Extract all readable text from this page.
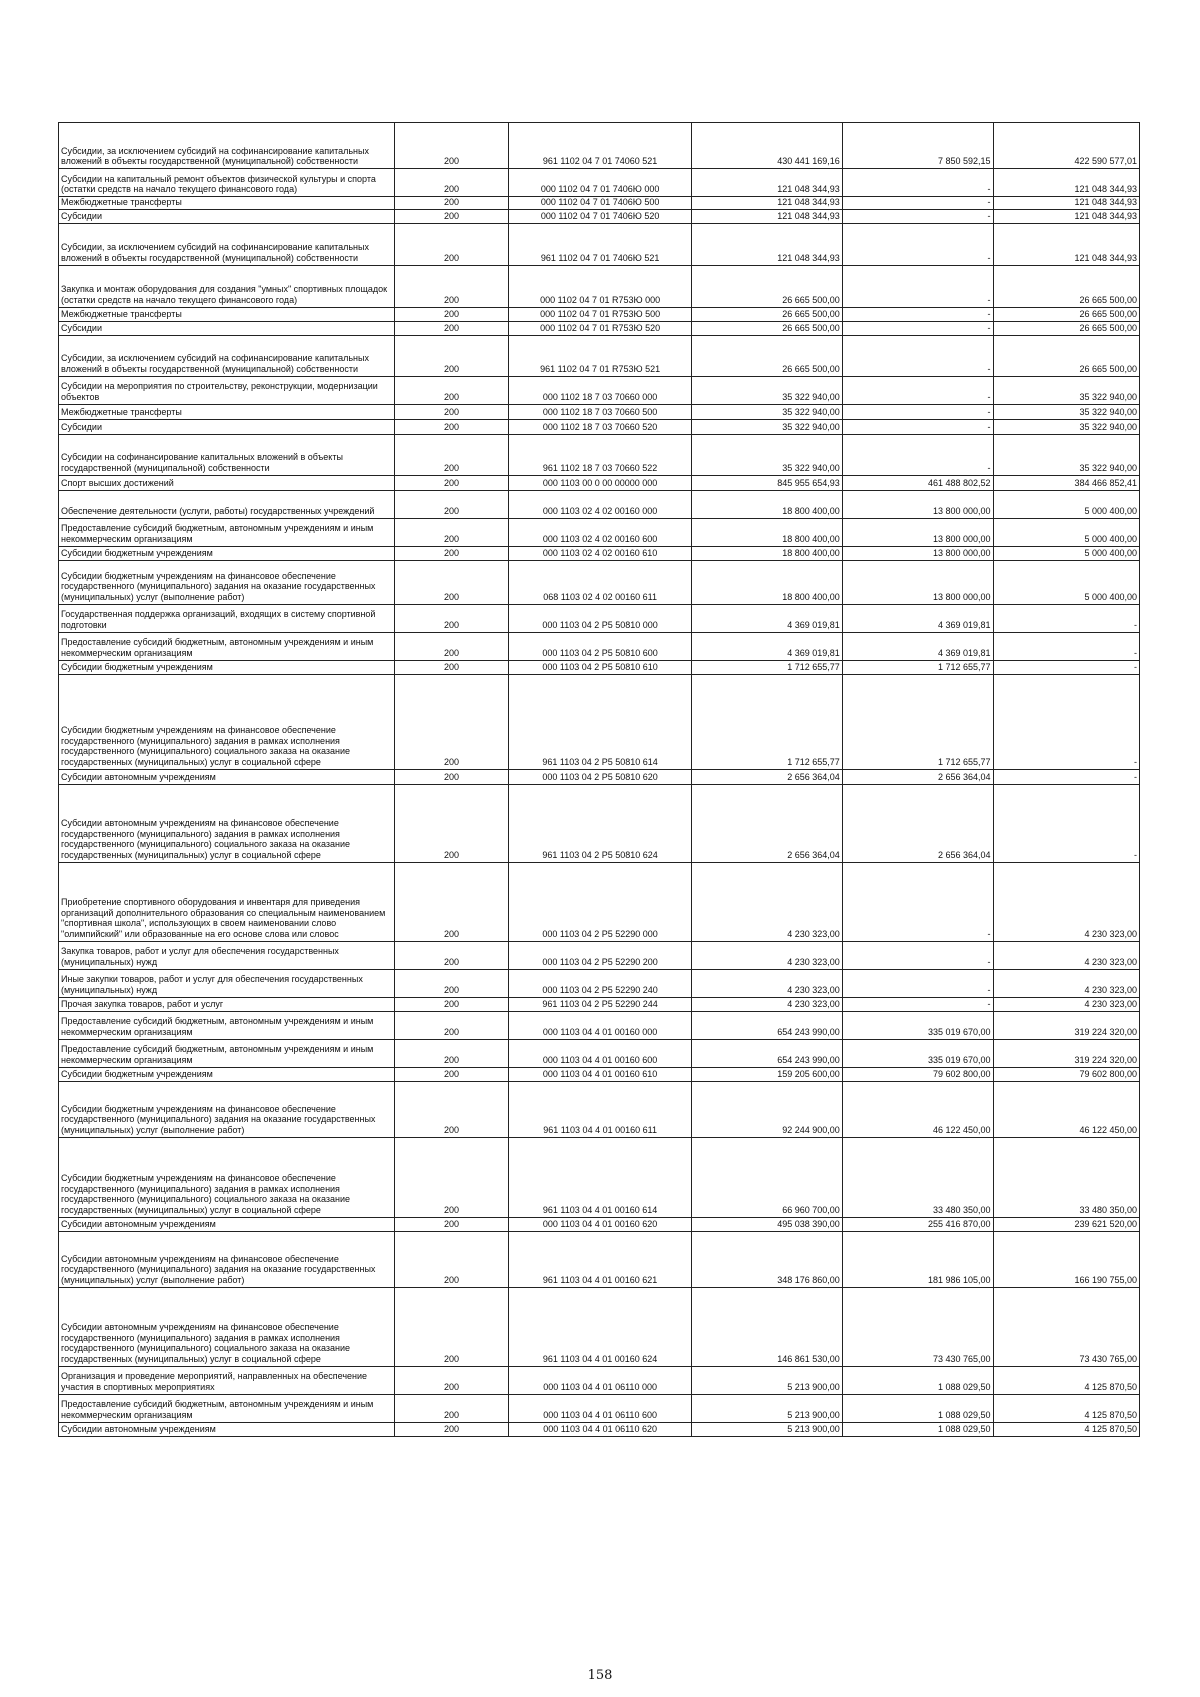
Субсидии, за исключением субсидий на софинансирование капитальных вложений в объекты государственной (муниципальной) собственности	200	961 1102 04 7 01 74060 521	430 441 169,16	7 850 592,15	422 590 577,01
Субсидии на капитальный ремонт объектов физической культуры и спорта (остатки средств на начало текущего финансового года)	200	000 1102 04 7 01 7406Ю 000	121 048 344,93	-	121 048 344,93
Межбюджетные трансферты	200	000 1102 04 7 01 7406Ю 500	121 048 344,93	-	121 048 344,93
Субсидии	200	000 1102 04 7 01 7406Ю 520	121 048 344,93	-	121 048 344,93
Субсидии, за исключением субсидий на софинансирование капитальных вложений в объекты государственной (муниципальной) собственности	200	961 1102 04 7 01 7406Ю 521	121 048 344,93	-	121 048 344,93
Закупка и монтаж оборудования для создания "умных" спортивных площадок (остатки средств на начало текущего финансового года)	200	000 1102 04 7 01 R753Ю 000	26 665 500,00	-	26 665 500,00
Межбюджетные трансферты	200	000 1102 04 7 01 R753Ю 500	26 665 500,00	-	26 665 500,00
Субсидии	200	000 1102 04 7 01 R753Ю 520	26 665 500,00	-	26 665 500,00
Субсидии, за исключением субсидий на софинансирование капитальных вложений в объекты государственной (муниципальной) собственности	200	961 1102 04 7 01 R753Ю 521	26 665 500,00	-	26 665 500,00
Субсидии на мероприятия по строительству, реконструкции, модернизации объектов	200	000 1102 18 7 03 70660 000	35 322 940,00	-	35 322 940,00
Межбюджетные трансферты	200	000 1102 18 7 03 70660 500	35 322 940,00	-	35 322 940,00
Субсидии	200	000 1102 18 7 03 70660 520	35 322 940,00	-	35 322 940,00
Субсидии на софинансирование капитальных вложений в объекты государственной (муниципальной) собственности	200	961 1102 18 7 03 70660 522	35 322 940,00	-	35 322 940,00
Спорт высших достижений	200	000 1103 00 0 00 00000 000	845 955 654,93	461 488 802,52	384 466 852,41
Обеспечение деятельности (услуги, работы) государственных учреждений	200	000 1103 02 4 02 00160 000	18 800 400,00	13 800 000,00	5 000 400,00
Предоставление субсидий бюджетным, автономным учреждениям и иным некоммерческим организациям	200	000 1103 02 4 02 00160 600	18 800 400,00	13 800 000,00	5 000 400,00
Субсидии бюджетным учреждениям	200	000 1103 02 4 02 00160 610	18 800 400,00	13 800 000,00	5 000 400,00
Субсидии бюджетным учреждениям на финансовое обеспечение государственного (муниципального) задания на оказание государственных (муниципальных) услуг (выполнение работ)	200	068 1103 02 4 02 00160 611	18 800 400,00	13 800 000,00	5 000 400,00
Государственная поддержка организаций, входящих в систему спортивной подготовки	200	000 1103 04 2 P5 50810 000	4 369 019,81	4 369 019,81	-
Предоставление субсидий бюджетным, автономным учреждениям и иным некоммерческим организациям	200	000 1103 04 2 P5 50810 600	4 369 019,81	4 369 019,81	-
Субсидии бюджетным учреждениям	200	000 1103 04 2 P5 50810 610	1 712 655,77	1 712 655,77	-
Субсидии бюджетным учреждениям на финансовое обеспечение государственного (муниципального) задания в рамках исполнения государственного (муниципального) социального заказа на оказание государственных (муниципальных) услуг в социальной сфере	200	961 1103 04 2 P5 50810 614	1 712 655,77	1 712 655,77	-
Субсидии автономным учреждениям	200	000 1103 04 2 P5 50810 620	2 656 364,04	2 656 364,04	-
Субсидии автономным учреждениям на финансовое обеспечение государственного (муниципального) задания в рамках исполнения государственного (муниципального) социального заказа на оказание государственных (муниципальных) услуг в социальной сфере	200	961 1103 04 2 P5 50810 624	2 656 364,04	2 656 364,04	-
Приобретение спортивного оборудования и инвентаря для приведения организаций дополнительного образования со специальным наименованием "спортивная школа", использующих в своем наименовании слово "олимпийский" или образованные на его основе слова или словос	200	000 1103 04 2 P5 52290 000	4 230 323,00	-	4 230 323,00
Закупка товаров, работ и услуг для обеспечения государственных (муниципальных) нужд	200	000 1103 04 2 P5 52290 200	4 230 323,00	-	4 230 323,00
Иные закупки товаров, работ и услуг для обеспечения государственных (муниципальных) нужд	200	000 1103 04 2 P5 52290 240	4 230 323,00	-	4 230 323,00
Прочая закупка товаров, работ и услуг	200	961 1103 04 2 P5 52290 244	4 230 323,00	-	4 230 323,00
Предоставление субсидий бюджетным, автономным учреждениям и иным некоммерческим организациям	200	000 1103 04 4 01 00160 000	654 243 990,00	335 019 670,00	319 224 320,00
Предоставление субсидий бюджетным, автономным учреждениям и иным некоммерческим организациям	200	000 1103 04 4 01 00160 600	654 243 990,00	335 019 670,00	319 224 320,00
Субсидии бюджетным учреждениям	200	000 1103 04 4 01 00160 610	159 205 600,00	79 602 800,00	79 602 800,00
Субсидии бюджетным учреждениям на финансовое обеспечение государственного (муниципального) задания на оказание государственных (муниципальных) услуг (выполнение работ)	200	961 1103 04 4 01 00160 611	92 244 900,00	46 122 450,00	46 122 450,00
Субсидии бюджетным учреждениям на финансовое обеспечение государственного (муниципального) задания в рамках исполнения государственного (муниципального) социального заказа на оказание государственных (муниципальных) услуг в социальной сфере	200	961 1103 04 4 01 00160 614	66 960 700,00	33 480 350,00	33 480 350,00
Субсидии автономным учреждениям	200	000 1103 04 4 01 00160 620	495 038 390,00	255 416 870,00	239 621 520,00
Субсидии автономным учреждениям на финансовое обеспечение государственного (муниципального) задания на оказание государственных (муниципальных) услуг (выполнение работ)	200	961 1103 04 4 01 00160 621	348 176 860,00	181 986 105,00	166 190 755,00
Субсидии автономным учреждениям на финансовое обеспечение государственного (муниципального) задания в рамках исполнения государственного (муниципального) социального заказа на оказание государственных (муниципальных) услуг в социальной сфере	200	961 1103 04 4 01 00160 624	146 861 530,00	73 430 765,00	73 430 765,00
Организация и проведение мероприятий, направленных на обеспечение участия в спортивных мероприятиях	200	000 1103 04 4 01 06110 000	5 213 900,00	1 088 029,50	4 125 870,50
Предоставление субсидий бюджетным, автономным учреждениям и иным некоммерческим организациям	200	000 1103 04 4 01 06110 600	5 213 900,00	1 088 029,50	4 125 870,50
Субсидии автономным учреждениям	200	000 1103 04 4 01 06110 620	5 213 900,00	1 088 029,50	4 125 870,50
158
